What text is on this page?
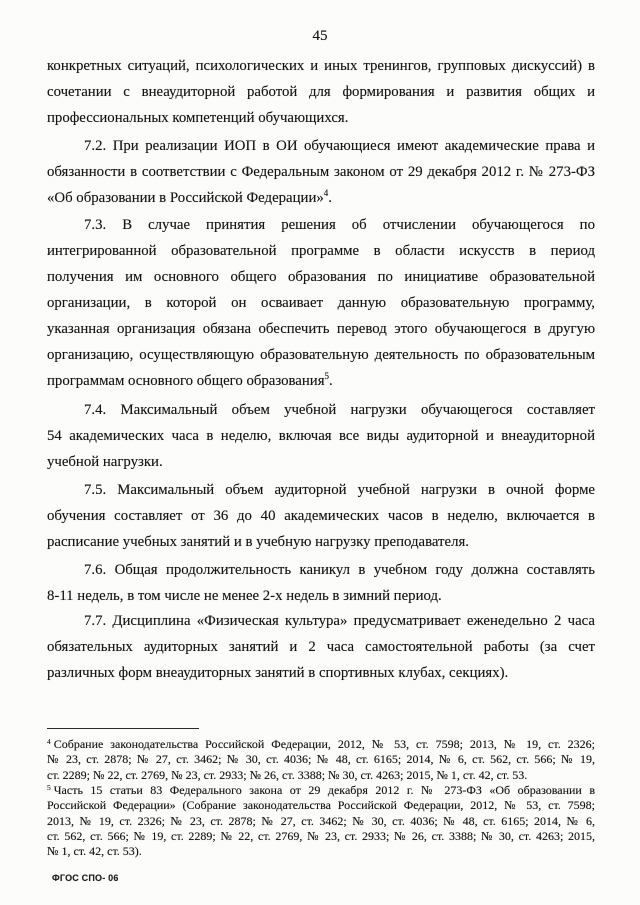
45
конкретных ситуаций, психологических и иных тренингов, групповых дискуссий) в
сочетании с внеаудиторной работой для формирования и развития общих и
профессиональных компетенций обучающихся.
7.2. При реализации ИОП в ОИ обучающиеся имеют академические права и
обязанности в соответствии с Федеральным законом от 29 декабря 2012 г. № 273-ФЗ
«Об образовании в Российской Федерации»$^4$.
7.3. В случае принятия решения об отчислении обучающегося по
интегрированной образовательной программе в области искусств в период
получения им основного общего образования по инициативе образовательной
организации, в которой он осваивает данную образовательную программу,
указанная организация обязана обеспечить перевод этого обучающегося в другую
организацию, осуществляющую образовательную деятельность по образовательным
программам основного общего образования$^5$.
7.4. Максимальный объем учебной нагрузки обучающегося составляет
54 академических часа в неделю, включая все виды аудиторной и внеаудиторной
учебной нагрузки.
7.5. Максимальный объем аудиторной учебной нагрузки в очной форме
обучения составляет от 36 до 40 академических часов в неделю, включается в
расписание учебных занятий и в учебную нагрузку преподавателя.
7.6. Общая продолжительность каникул в учебном году должна составлять
8-11 недель, в том числе не менее 2-х недель в зимний период.
7.7. Дисциплина «Физическая культура» предусматривает еженедельно 2 часа
обязательных аудиторных занятий и 2 часа самостоятельной работы (за счет
различных форм внеаудиторных занятий в спортивных клубах, секциях).
$^4$ Собрание законодательства Российской Федерации, 2012, № 53, ст. 7598; 2013, № 19, ст. 2326;
№ 23, ст. 2878; № 27, ст. 3462; № 30, ст. 4036; № 48, ст. 6165; 2014, № 6, ст. 562, ст. 566; № 19,
ст. 2289; № 22, ст. 2769, № 23, ст. 2933; № 26, ст. 3388; № 30, ст. 4263; 2015, № 1, ст. 42, ст. 53.
$^5$ Часть 15 статьи 83 Федерального закона от 29 декабря 2012 г. № 273-ФЗ «Об образовании в
Российской Федерации» (Собрание законодательства Российской Федерации, 2012, № 53, ст. 7598;
2013, № 19, ст. 2326; № 23, ст. 2878; № 27, ст. 3462; № 30, ст. 4036; № 48, ст. 6165; 2014, № 6,
ст. 562, ст. 566; № 19, ст. 2289; № 22, ст. 2769, № 23, ст. 2933; № 26, ст. 3388; № 30, ст. 4263; 2015,
№ 1, ст. 42, ст. 53).
ФГОС СПО- 06
